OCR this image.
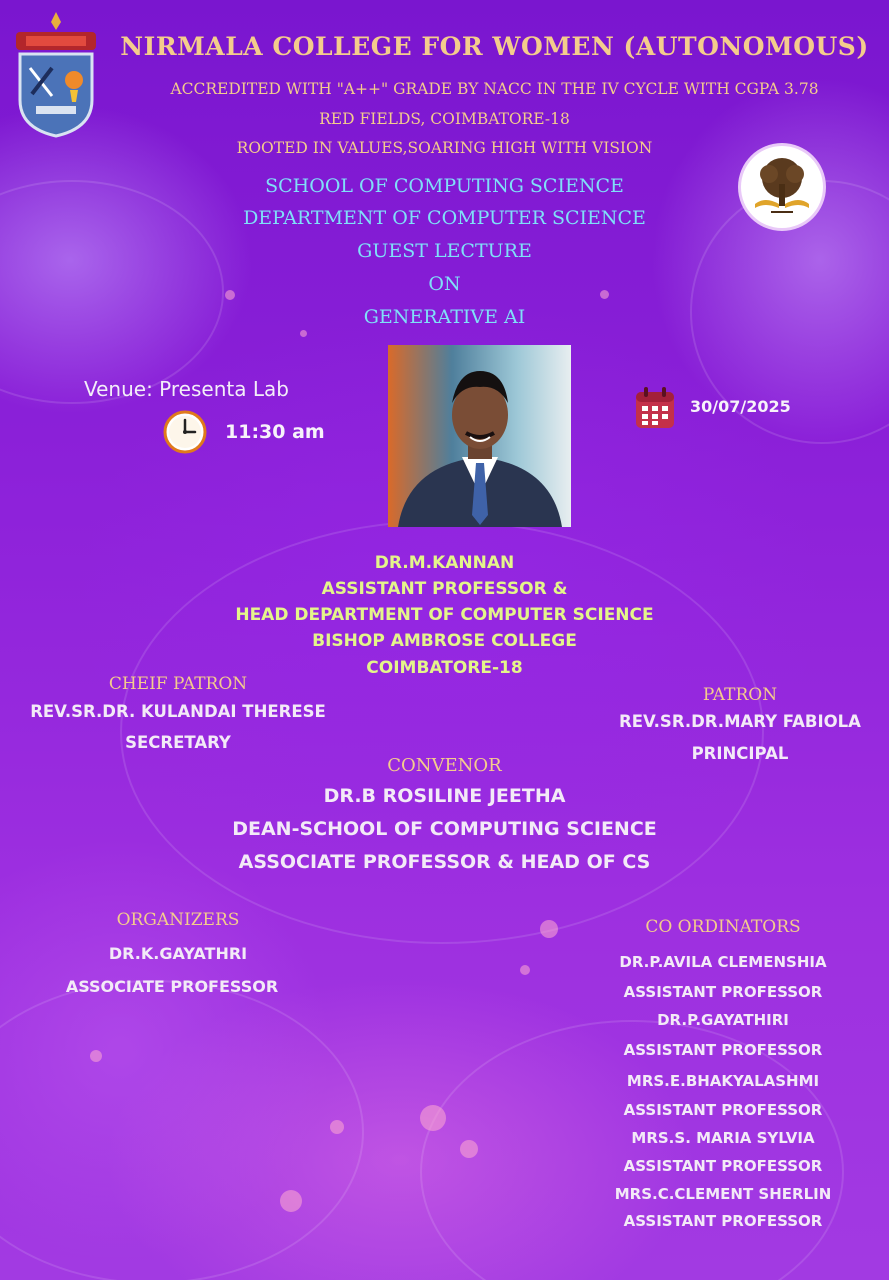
NIRMALA COLLEGE FOR WOMEN (AUTONOMOUS)

ACCREDITED WITH "A++" GRADE BY NACC IN THE IV CYCLE WITH CGPA 3.78

RED FIELDS, COIMBATORE-18

ROOTED IN VALUES,SOARING HIGH WITH VISION

SCHOOL OF COMPUTING SCIENCE

DEPARTMENT OF COMPUTER SCIENCE

GUEST LECTURE

ON

GENERATIVE AI

Venue: Presenta Lab

11:30 am

30/07/2025

DR.M.KANNAN

ASSISTANT PROFESSOR &

HEAD DEPARTMENT OF COMPUTER SCIENCE

BISHOP AMBROSE COLLEGE

COIMBATORE-18

CHEIF PATRON

REV.SR.DR. KULANDAI THERESE

SECRETARY

PATRON

REV.SR.DR.MARY FABIOLA

PRINCIPAL

CONVENOR

DR.B ROSILINE JEETHA

DEAN-SCHOOL OF COMPUTING SCIENCE

ASSOCIATE PROFESSOR & HEAD OF CS

ORGANIZERS

DR.K.GAYATHRI

ASSOCIATE PROFESSOR

CO ORDINATORS

DR.P.AVILA CLEMENSHIA

ASSISTANT PROFESSOR

DR.P.GAYATHIRI

ASSISTANT PROFESSOR

MRS.E.BHAKYALASHMI

ASSISTANT PROFESSOR

MRS.S. MARIA SYLVIA

ASSISTANT PROFESSOR

MRS.C.CLEMENT SHERLIN

ASSISTANT PROFESSOR
